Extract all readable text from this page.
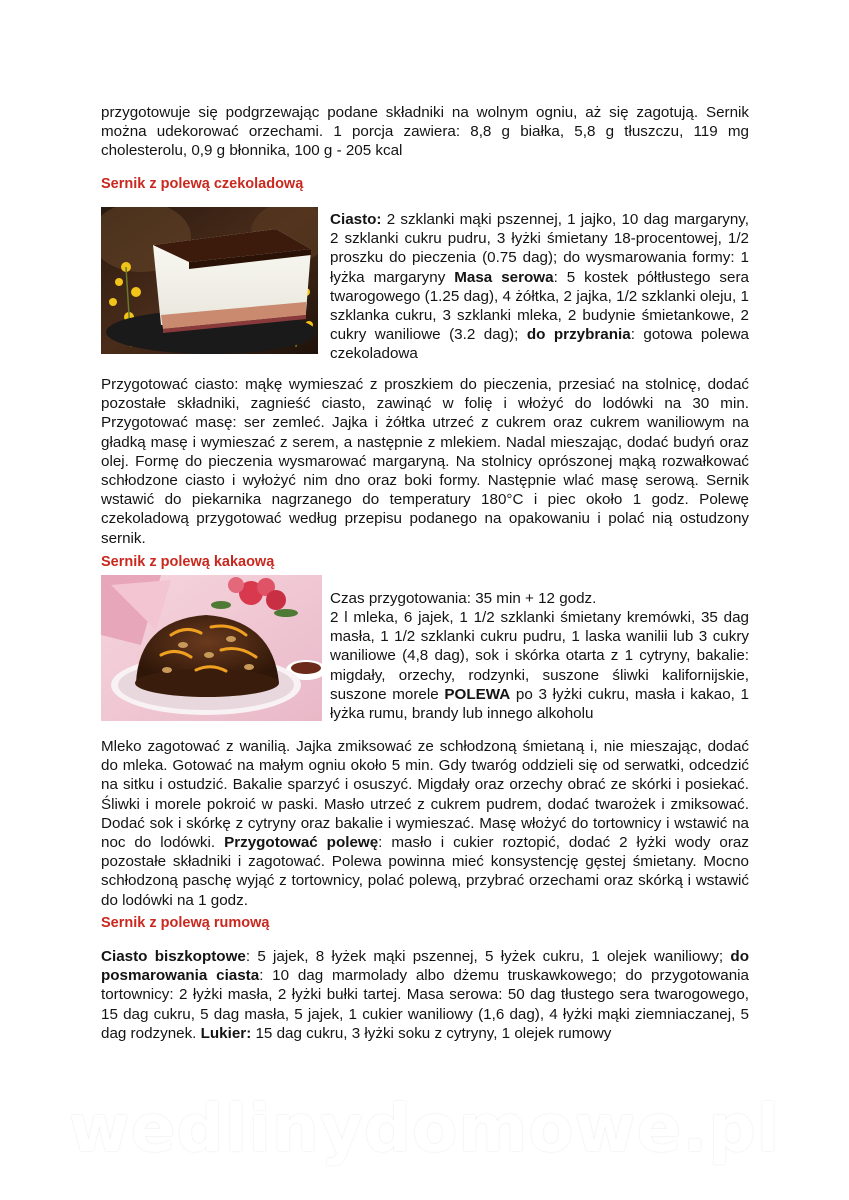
przygotowuje się podgrzewając podane składniki na wolnym ogniu, aż się zagotują. Sernik można udekorować orzechami. 1 porcja zawiera: 8,8 g białka, 5,8 g tłuszczu, 119 mg cholesterolu, 0,9 g błonnika, 100 g - 205 kcal

Sernik z polewą czekoladową

Ciasto: 2 szklanki mąki pszennej, 1 jajko, 10 dag margaryny, 2 szklanki cukru pudru, 3 łyżki śmietany 18-procentowej, 1/2 proszku do pieczenia (0.75 dag); do wysmarowania formy: 1 łyżka margaryny Masa serowa: 5 kostek półtłustego sera twarogowego (1.25 dag), 4 żółtka, 2 jajka, 1/2 szklanki oleju, 1 szklanka cukru, 3 szklanki mleka, 2 budynie śmietankowe, 2 cukry waniliowe (3.2 dag); do przybrania: gotowa polewa czekoladowa

Przygotować ciasto: mąkę wymieszać z proszkiem do pieczenia, przesiać na stolnicę, dodać pozostałe składniki, zagnieść ciasto, zawinąć w folię i włożyć do lodówki na 30 min. Przygotować masę: ser zemleć. Jajka i żółtka utrzeć z cukrem oraz cukrem waniliowym na gładką masę i wymieszać z serem, a następnie z mlekiem. Nadal mieszając, dodać budyń oraz olej. Formę do pieczenia wysmarować margaryną. Na stolnicy oprószonej mąką rozwałkować schłodzone ciasto i wyłożyć nim dno oraz boki formy. Następnie wlać masę serową. Sernik wstawić do piekarnika nagrzanego do temperatury 180°C i piec około 1 godz. Polewę czekoladową przygotować według przepisu podanego na opakowaniu i polać nią ostudzony sernik.

Sernik z polewą kakaową

Czas przygotowania: 35 min + 12 godz.

2 l mleka, 6 jajek, 1 1/2 szklanki śmietany kremówki, 35 dag masła, 1 1/2 szklanki cukru pudru, 1 laska wanilii lub 3 cukry waniliowe (4,8 dag), sok i skórka otarta z 1 cytryny, bakalie: migdały, orzechy, rodzynki, suszone śliwki kalifornijskie, suszone morele POLEWA po 3 łyżki cukru, masła i kakao, 1 łyżka rumu, brandy lub innego alkoholu

Mleko zagotować z wanilią. Jajka zmiksować ze schłodzoną śmietaną i, nie mieszając, dodać do mleka. Gotować na małym ogniu około 5 min. Gdy twaróg oddzieli się od serwatki, odcedzić na sitku i ostudzić. Bakalie sparzyć i osuszyć. Migdały oraz orzechy obrać ze skórki i posiekać. Śliwki i morele pokroić w paski. Masło utrzeć z cukrem pudrem, dodać twarożek i zmiksować. Dodać sok i skórkę z cytryny oraz bakalie i wymieszać. Masę włożyć do tortownicy i wstawić na noc do lodówki. Przygotować polewę: masło i cukier roztopić, dodać 2 łyżki wody oraz pozostałe składniki i zagotować. Polewa powinna mieć konsystencję gęstej śmietany. Mocno schłodzoną paschę wyjąć z tortownicy, polać polewą, przybrać orzechami oraz skórką i wstawić do lodówki na 1 godz.

Sernik z polewą rumową

Ciasto biszkoptowe: 5 jajek, 8 łyżek mąki pszennej, 5 łyżek cukru, 1 olejek waniliowy; do posmarowania ciasta: 10 dag marmolady albo dżemu truskawkowego; do przygotowania tortownicy: 2 łyżki masła, 2 łyżki bułki tartej. Masa serowa: 50 dag tłustego sera twarogowego, 15 dag cukru, 5 dag masła, 5 jajek, 1 cukier waniliowy (1,6 dag), 4 łyżki mąki ziemniaczanej, 5 dag rodzynek. Lukier: 15 dag cukru, 3 łyżki soku z cytryny, 1 olejek rumowy

wedlinydomowe.pl
